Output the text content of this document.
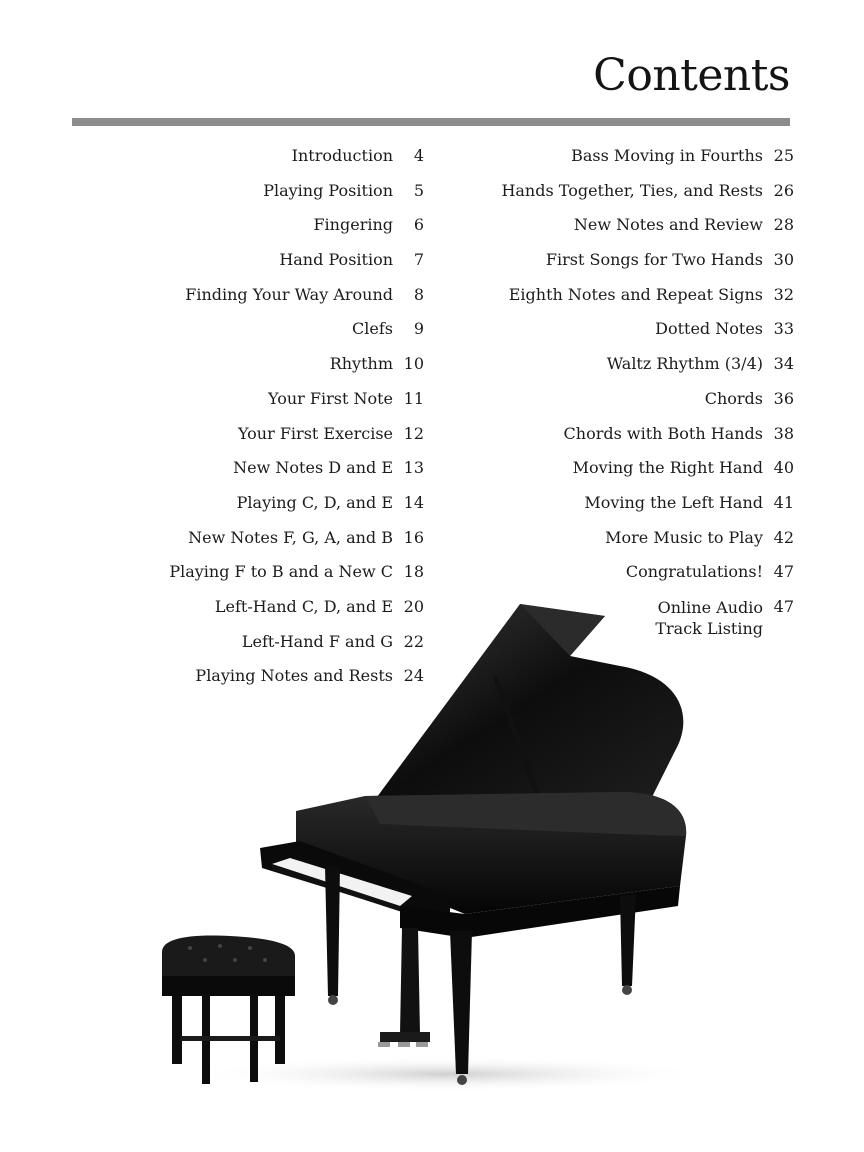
Contents
Introduction	4
Playing Position	5
Fingering	6
Hand Position	7
Finding Your Way Around	8
Clefs	9
Rhythm 10
Your First Note 11
Your First Exercise 12
New Notes D and E 13
Playing C, D, and E 14
New Notes F, G, A, and B 16
Playing F to B and a New C 18
Left-Hand C, D, and E 20
Left-Hand F and G 22
Playing Notes and Rests 24
Bass Moving in Fourths 25
Hands Together, Ties, and Rests 26
New Notes and Review 28
First Songs for Two Hands 30
Eighth Notes and Repeat Signs 32
Dotted Notes 33
Waltz Rhythm (3/4) 34
Chords 36
Chords with Both Hands 38
Moving the Right Hand 40
Moving the Left Hand 41
More Music to Play 42
Congratulations! 47
Online Audio
Track Listing
47
